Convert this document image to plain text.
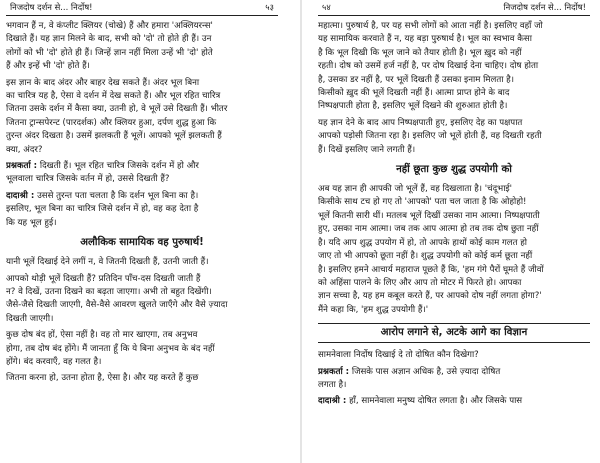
निजदोष दर्शन से... निर्दोष!	५३
भगवान हैं न, वे कंप्लीट क्लियर (चोखे) हैं और हमारा 'अक्लियरन्स'
दिखाते हैं। यह ज्ञान मिलने के बाद, सभी को 'दो' तो होते ही हैं। उन
लोगों को भी 'दो' होते ही हैं। जिन्हें ज्ञान नहीं मिला उन्हें भी 'दो' होते
हैं और इन्हें भी 'दो' होते हैं।
इस ज्ञान के बाद अंदर और बाहर देख सकते हैं। अंदर भूल बिना
का चारित्र यह है, ऐसा वे दर्शन में देख सकते हैं। और भूल रहित चारित्र
जितना उसके दर्शन में कैसा क्या, उतनी हो, वे भूलें उसे दिखती हैं। भीतर
जितना ट्रान्सपेरन्ट (पारदर्शक) और क्लियर हुआ, दर्पण शुद्ध हुआ कि
तुरन्त अंदर दिखता है। उसमें झलकती हैं भूलें। आपको भूलें झलकती हैं
क्या, अंदर?
प्रश्नकर्ता : दिखती हैं। भूल रहित चारित्र जिसके दर्शन में हो और
भूलवाला चारित्र जिसके वर्तन में हो, उससे दिखती हैं?
दादाश्री : उससे तुरन्त पता चलता है कि दर्शन भूल बिना का है।
इसलिए, भूल बिना का चारित्र जिसे दर्शन में हो, वह कह देता है
कि यह भूल हुई।
अलौकिक सामायिक वह पुरुषार्थ!
यानी भूलें दिखाई देने लगीं न, वे जितनी दिखती हैं, उतनी जाती हैं।
आपको थोड़ी भूलें दिखती हैं? प्रतिदिन पाँच-दस दिखती जाती हैं
न? वे दिखें, उतना दिखने का बढ़ता जाएगा। अभी तो बहुत दिखेंगी।
जैसे-जैसे दिखती जाएगी, वैसे-वैसे आवरण खुलते जाएँगे और वैसे ज़्यादा
दिखती जाएगी।
कुछ दोष बंद हों, ऐसा नहीं है। वह तो मार खाएगा, तब अनुभव
होगा, तब दोष बंद होंगे। मैं जानता हूँ कि ये बिना अनुभव के बंद नहीं
होंगे। बंद करवाएँ, वह गलत है।
जितना करना हो, उतना होता है, ऐसा है। और यह करते हैं कुछ
५४	निजदोष दर्शन से... निर्दोष!
महात्मा। पुरुषार्थ है, पर यह सभी लोगों को आता नहीं है। इसलिए वहाँ जो
यह सामायिक करवाते हैं न, यह बड़ा पुरुषार्थ है। भूल का स्वभाव कैसा
है कि भूल दिखी कि भूल जाने को तैयार होती है। भूल ख़ुद को नहीं
रहती। दोष को उसमें हर्ज नहीं है, पर दोष दिखाई देना चाहिए। दोष होता
है, उसका डर नहीं है, पर भूलें दिखती हैं उसका इनाम मिलता है।
किसीको ख़ुद की भूलें दिखती नहीं हैं। आत्मा प्राप्त होने के बाद
निष्पक्षपाती होता है, इसलिए भूलें दिखने की शुरुआत होती है।
यह ज्ञान देने के बाद आप निष्पक्षपाती हुए, इसलिए देह का पक्षपात
आपको पड़ोसी जितना रहा है। इसलिए जो भूलें होती हैं, वह दिखती रहती
हैं। दिखें इसलिए जाने लगती हैं।
नहीं छूता कुछ शुद्ध उपयोगी को
अब यह ज्ञान ही आपकी जो भूलें हैं, वह दिखलाता है। 'चंदूभाई'
किसीके साथ टच हो गए तो 'आपको' पता चल जाता है कि ओहोहो!
भूलें कितनी सारी थीं। मतलब भूलें दिखीं उसका नाम आत्मा। निष्पक्षपाती
हुए, उसका नाम आत्मा। जब तक आप आत्मा हो तब तक दोष छुता नहीं
है। यदि आप शुद्ध उपयोग में हो, तो आपके हाथों कोई काम गलत हो
जाए तो भी आपको छूता नहीं है। शुद्ध उपयोगी को कोई कर्म छूता नहीं
है। इसलिए हमने आचार्य महाराज पूछते हैं कि, 'हम गंगे पैरों घूमते हैं जीवों
को अहिंसा पालने के लिए और आप तो मोटर में फिरते हो। आपका
ज्ञान सच्चा है, यह हम कबूल करते हैं, पर आपको दोष नहीं लगता होगा?'
मैंने कहा कि, 'हम शुद्ध उपयोगी हैं।'
आरोप लगाने से, अटके आगे का विज्ञान
सामनेवाला निर्दोष दिखाई दे तो दोषित कौन दिखेगा?
प्रश्नकर्ता : जिसके पास अज्ञान अधिक है, उसे ज़्यादा दोषित
लगता है।
दादाश्री : हाँ, सामनेवाला मनुष्य दोषित लगता है। और जिसके पास
